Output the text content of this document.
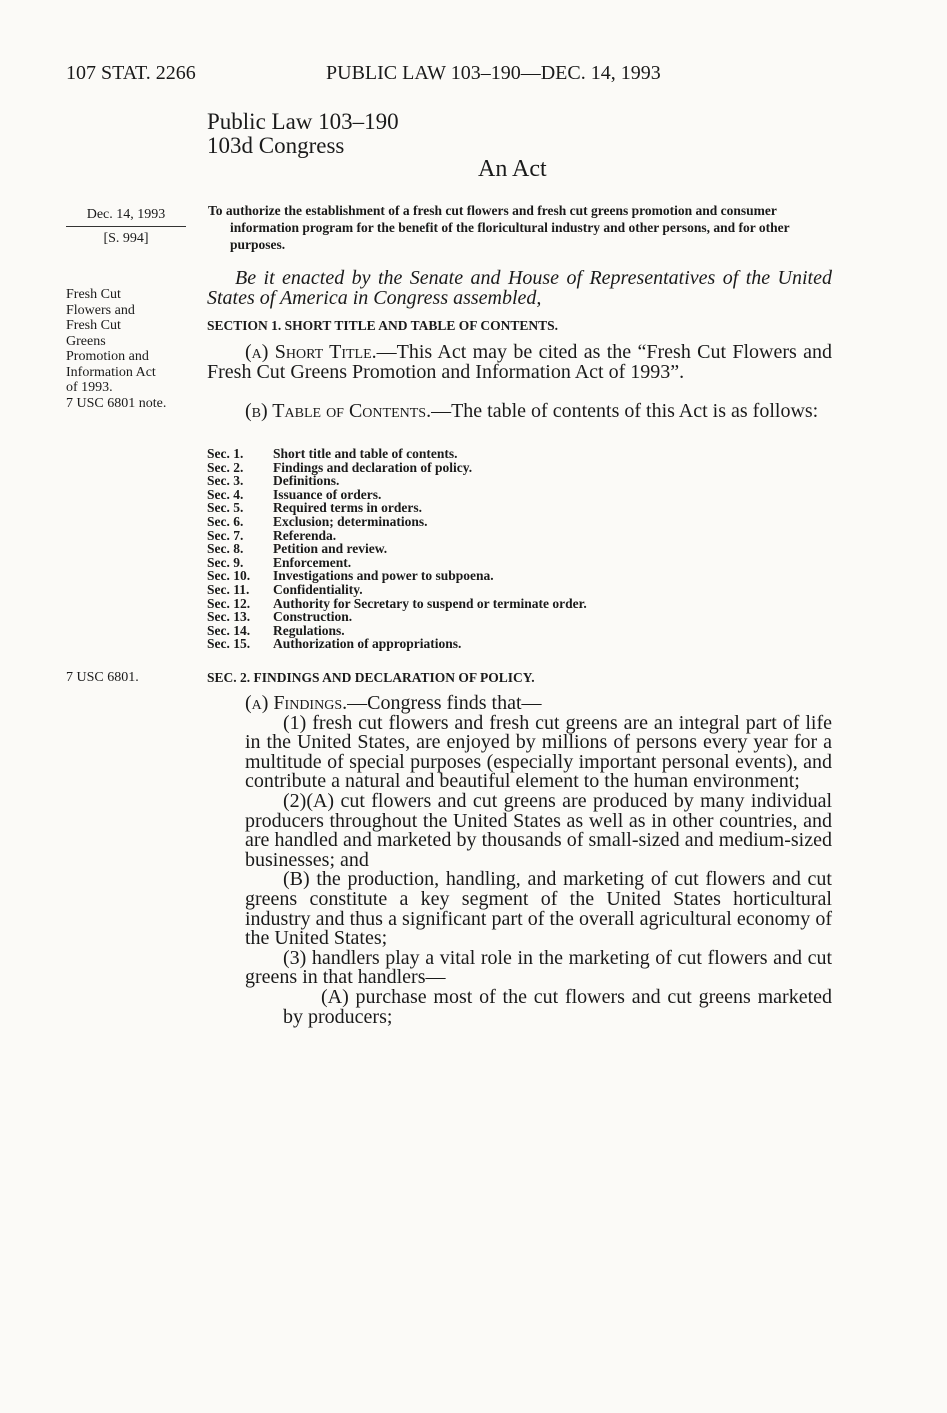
107 STAT. 2266	PUBLIC LAW 103–190—DEC. 14, 1993
Public Law 103–190
103d Congress
An Act
Dec. 14, 1993
[S. 994]
To authorize the establishment of a fresh cut flowers and fresh cut greens promotion and consumer information program for the benefit of the floricultural industry and other persons, and for other purposes.
Fresh Cut
Flowers and
Fresh Cut
Greens
Promotion and
Information Act
of 1993.
7 USC 6801 note.

Be it enacted by the Senate and House of Representatives of the United States of America in Congress assembled,

SECTION 1. SHORT TITLE AND TABLE OF CONTENTS.

(a) Short Title.—This Act may be cited as the “Fresh Cut Flowers and Fresh Cut Greens Promotion and Information Act of 1993”.

(b) Table of Contents.—The table of contents of this Act is as follows:

Sec. 1.	Short title and table of contents.
Sec. 2.	Findings and declaration of policy.
Sec. 3.	Definitions.
Sec. 4.	Issuance of orders.
Sec. 5.	Required terms in orders.
Sec. 6.	Exclusion; determinations.
Sec. 7.	Referenda.
Sec. 8.	Petition and review.
Sec. 9.	Enforcement.
Sec. 10.	Investigations and power to subpoena.
Sec. 11.	Confidentiality.
Sec. 12.	Authority for Secretary to suspend or terminate order.
Sec. 13.	Construction.
Sec. 14.	Regulations.
Sec. 15.	Authorization of appropriations.
7 USC 6801.	SEC. 2. FINDINGS AND DECLARATION OF POLICY.

(a) Findings.—Congress finds that—

(1) fresh cut flowers and fresh cut greens are an integral part of life in the United States, are enjoyed by millions of persons every year for a multitude of special purposes (especially important personal events), and contribute a natural and beautiful element to the human environment;

(2)(A) cut flowers and cut greens are produced by many individual producers throughout the United States as well as in other countries, and are handled and marketed by thousands of small-sized and medium-sized businesses; and

(B) the production, handling, and marketing of cut flowers and cut greens constitute a key segment of the United States horticultural industry and thus a significant part of the overall agricultural economy of the United States;

(3) handlers play a vital role in the marketing of cut flowers and cut greens in that handlers—

(A) purchase most of the cut flowers and cut greens marketed by producers;
